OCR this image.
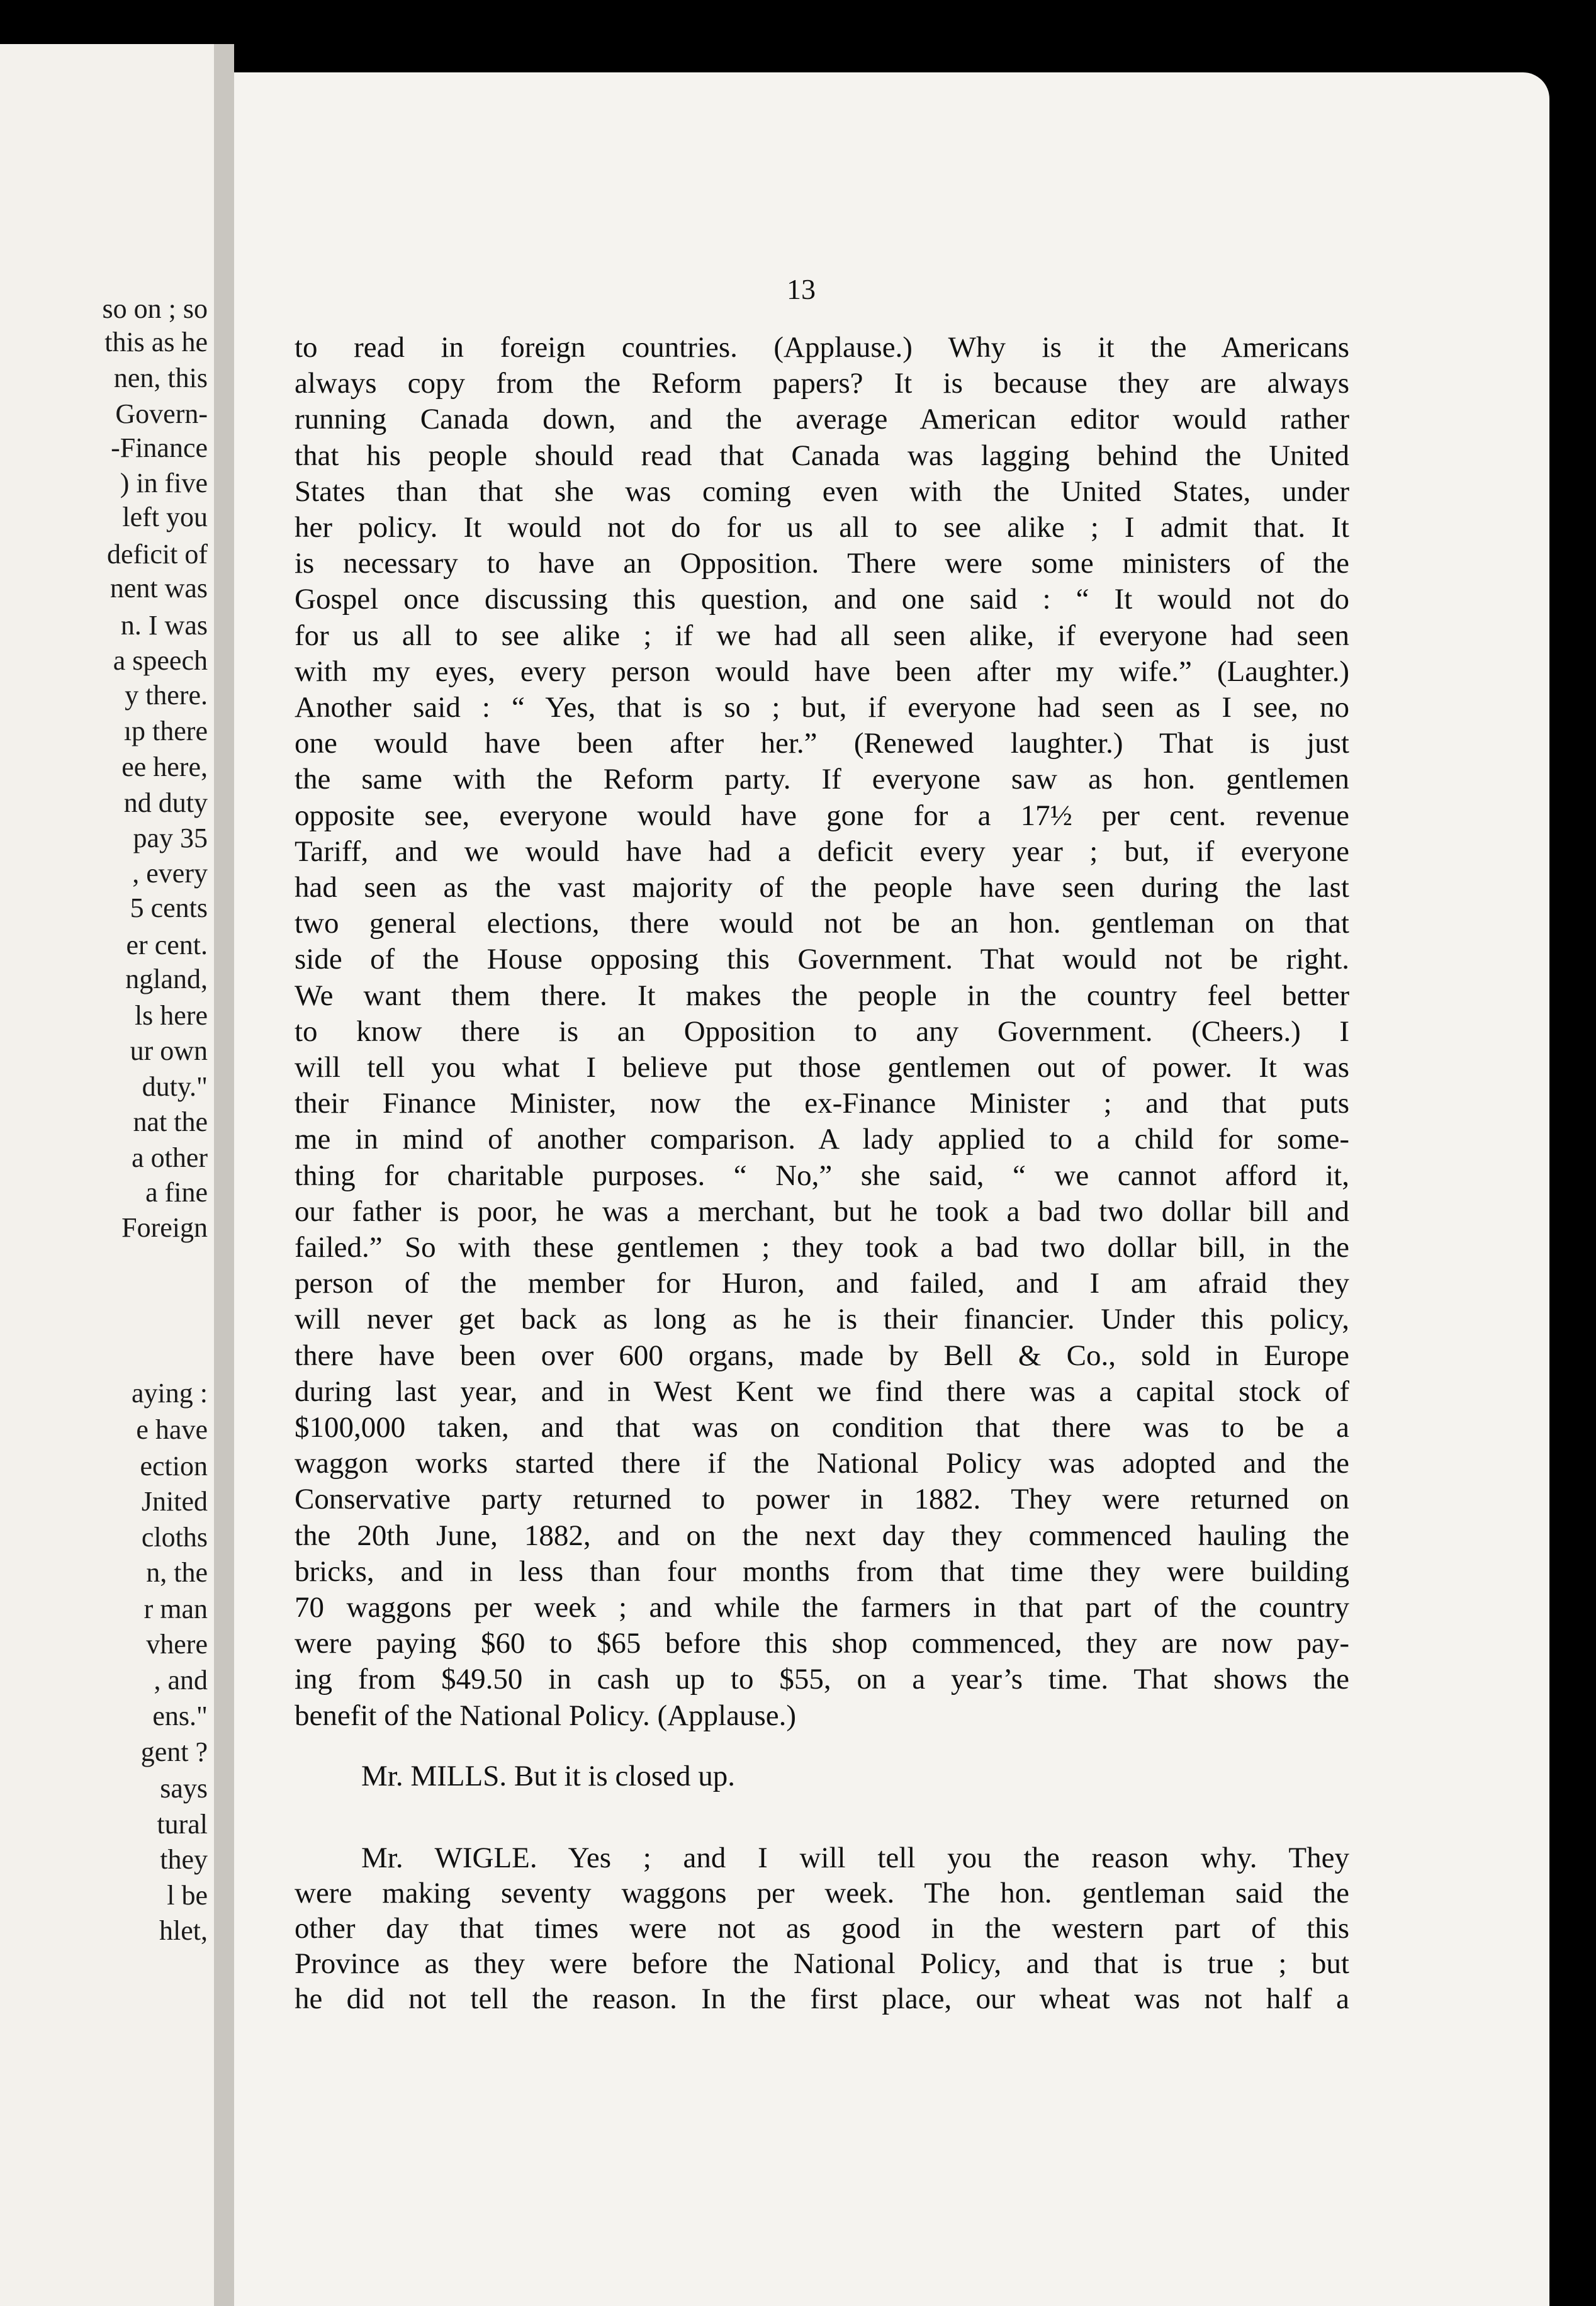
so on ; so
this as he
nen, this
Govern-
-Finance
) in five
left you
deficit of
nent was
n. I was
a speech
y there.
ıp there
ee here,
nd duty
pay 35
, every
5 cents
er cent.
ngland,
ls here
ur own
duty."
nat the
a other
a fine
Foreign
aying :
e have
ection
Jnited
cloths
n, the
r man
vhere
, and
ens."
gent ?
says
tural
they
l be
hlet,
13
to read in foreign countries. (Applause.) Why is it the Americans
always copy from the Reform papers? It is because they are always
running Canada down, and the average American editor would rather
that his people should read that Canada was lagging behind the United
States than that she was coming even with the United States, under
her policy. It would not do for us all to see alike ; I admit that. It
is necessary to have an Opposition. There were some ministers of the
Gospel once discussing this question, and one said : “ It would not do
for us all to see alike ; if we had all seen alike, if everyone had seen
with my eyes, every person would have been after my wife.” (Laughter.)
Another said : “ Yes, that is so ; but, if everyone had seen as I see, no
one would have been after her.” (Renewed laughter.) That is just
the same with the Reform party. If everyone saw as hon. gentlemen
opposite see, everyone would have gone for a 17½ per cent. revenue
Tariff, and we would have had a deficit every year ; but, if everyone
had seen as the vast majority of the people have seen during the last
two general elections, there would not be an hon. gentleman on that
side of the House opposing this Government. That would not be right.
We want them there. It makes the people in the country feel better
to know there is an Opposition to any Government. (Cheers.) I
will tell you what I believe put those gentlemen out of power. It was
their Finance Minister, now the ex-Finance Minister ; and that puts
me in mind of another comparison. A lady applied to a child for some-
thing for charitable purposes. “ No,” she said, “ we cannot afford it,
our father is poor, he was a merchant, but he took a bad two dollar bill and
failed.” So with these gentlemen ; they took a bad two dollar bill, in the
person of the member for Huron, and failed, and I am afraid they
will never get back as long as he is their financier. Under this policy,
there have been over 600 organs, made by Bell & Co., sold in Europe
during last year, and in West Kent we find there was a capital stock of
$100,000 taken, and that was on condition that there was to be a
waggon works started there if the National Policy was adopted and the
Conservative party returned to power in 1882. They were returned on
the 20th June, 1882, and on the next day they commenced hauling the
bricks, and in less than four months from that time they were building
70 waggons per week ; and while the farmers in that part of the country
were paying $60 to $65 before this shop commenced, they are now pay-
ing from $49.50 in cash up to $55, on a year’s time. That shows the
benefit of the National Policy. (Applause.)
Mr. MILLS. But it is closed up.
Mr. WIGLE. Yes ; and I will tell you the reason why. They
were making seventy waggons per week. The hon. gentleman said the
other day that times were not as good in the western part of this
Province as they were before the National Policy, and that is true ; but
he did not tell the reason. In the first place, our wheat was not half a
